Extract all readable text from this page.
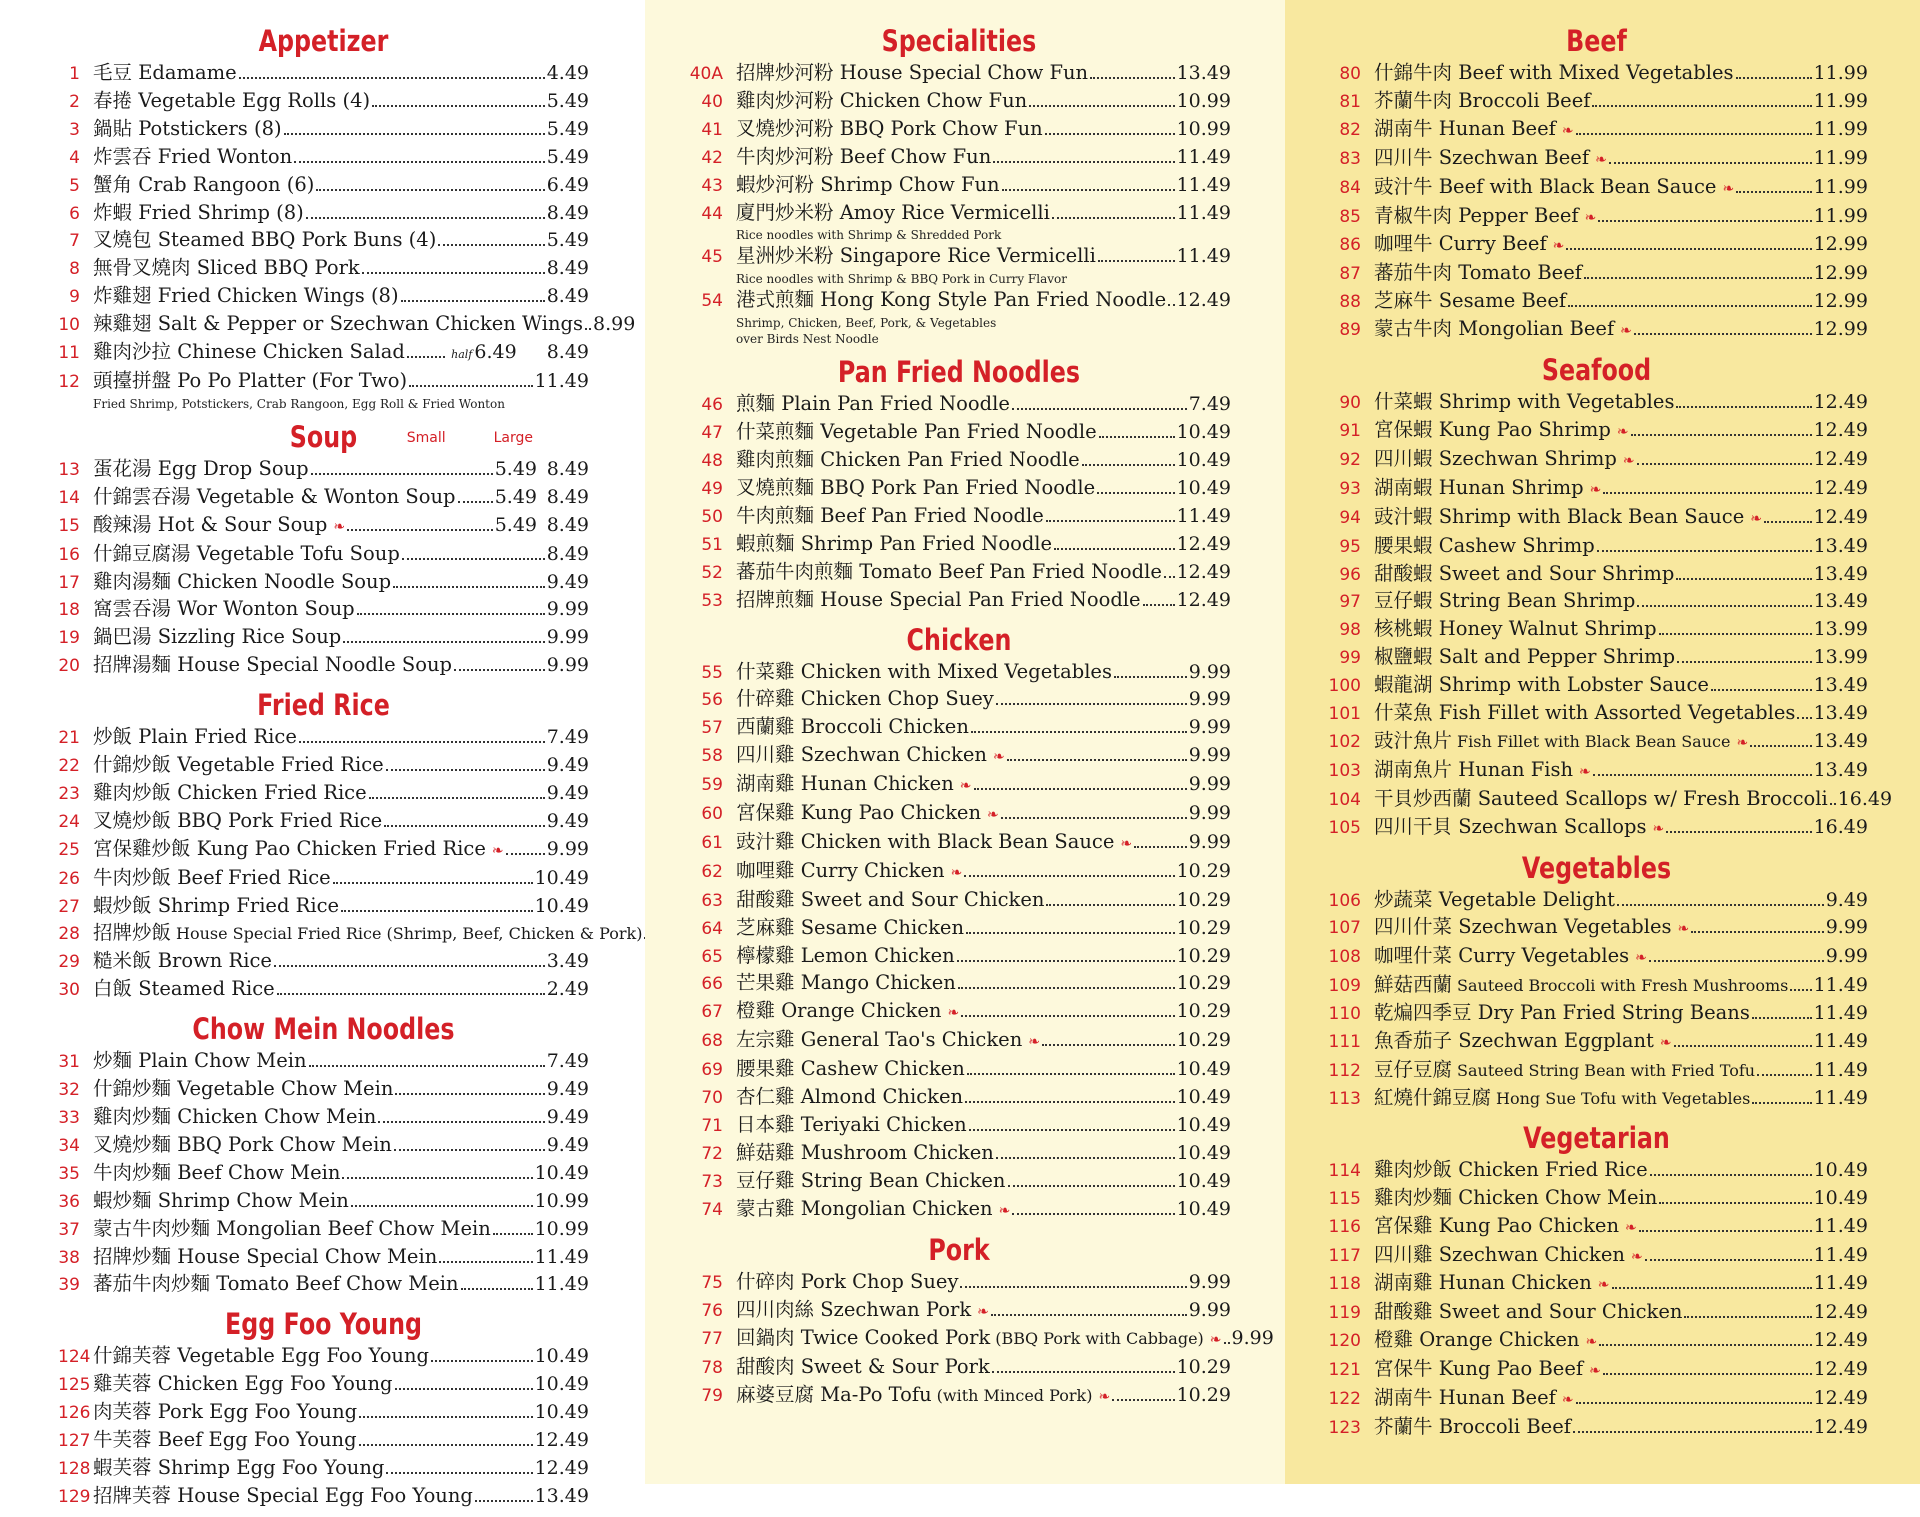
Appetizer
1 毛豆 Edamame	4.49
2 春捲 Vegetable Egg Rolls (4)	5.49
3 鍋貼 Potstickers (8)	5.49
4 炸雲吞 Fried Wonton	5.49
5 蟹角 Crab Rangoon (6)	6.49
6 炸蝦 Fried Shrimp (8)	8.49
7 叉燒包 Steamed BBQ Pork Buns (4)	5.49
8 無骨叉燒肉 Sliced BBQ Pork	8.49
9 炸雞翅 Fried Chicken Wings (8)	8.49
10 辣雞翅 Salt & Pepper or Szechwan Chicken Wings 8.99
11 雞肉沙拉 Chinese Chicken Salad	half 6.49 8.49
12 頭擡拼盤 Po Po Platter (For Two)	11.49
Fried Shrimp, Potstickers, Crab Rangoon, Egg Roll & Fried Wonton
Soup	Small	Large
13 蛋花湯 Egg Drop Soup	5.49 8.49
14 什錦雲吞湯 Vegetable & Wonton Soup 5.49 8.49
15 酸辣湯 Hot & Sour Soup ❧	5.49 8.49
16 什錦豆腐湯 Vegetable Tofu Soup	8.49
17 雞肉湯麵 Chicken Noodle Soup	9.49
18 窩雲吞湯 Wor Wonton Soup	9.99
19 鍋巴湯 Sizzling Rice Soup	9.99
20 招牌湯麵 House Special Noodle Soup	9.99
Fried Rice
21 炒飯 Plain Fried Rice	7.49
22 什錦炒飯 Vegetable Fried Rice	9.49
23 雞肉炒飯 Chicken Fried Rice	9.49
24 叉燒炒飯 BBQ Pork Fried Rice	9.49
25 宮保雞炒飯 Kung Pao Chicken Fried Rice ❧ 9.99
26 牛肉炒飯 Beef Fried Rice	10.49
27 蝦炒飯 Shrimp Fried Rice	10.49
28 招牌炒飯 House Special Fried Rice (Shrimp, Beef, Chicken & Pork)
29 糙米飯 Brown Rice	3.49
30 白飯 Steamed Rice	2.49
Chow Mein Noodles
31 炒麵 Plain Chow Mein	7.49
32 什錦炒麵 Vegetable Chow Mein	9.49
33 雞肉炒麵 Chicken Chow Mein	9.49
34 叉燒炒麵 BBQ Pork Chow Mein	9.49
35 牛肉炒麵 Beef Chow Mein	10.49
36 蝦炒麵 Shrimp Chow Mein	10.99
37 蒙古牛肉炒麵 Mongolian Beef Chow Mein 10.99
38 招牌炒麵 House Special Chow Mein	11.49
39 蕃茄牛肉炒麵 Tomato Beef Chow Mein	11.49
Egg Foo Young
124 什錦芙蓉 Vegetable Egg Foo Young	10.49
125 雞芙蓉 Chicken Egg Foo Young	10.49
126 肉芙蓉 Pork Egg Foo Young	10.49
127 牛芙蓉 Beef Egg Foo Young	12.49
128 蝦芙蓉 Shrimp Egg Foo Young	12.49
129 招牌芙蓉 House Special Egg Foo Young	13.49
Specialities
40A 招牌炒河粉 House Special Chow Fun	13.49
40 雞肉炒河粉 Chicken Chow Fun	10.99
41 叉燒炒河粉 BBQ Pork Chow Fun	10.99
42 牛肉炒河粉 Beef Chow Fun	11.49
43 蝦炒河粉 Shrimp Chow Fun	11.49
44 廈門炒米粉 Amoy Rice Vermicelli	11.49
Rice noodles with Shrimp & Shredded Pork
45 星洲炒米粉 Singapore Rice Vermicelli	11.49
Rice noodles with Shrimp & BBQ Pork in Curry Flavor
54 港式煎麵 Hong Kong Style Pan Fried Noodle 12.49
Shrimp, Chicken, Beef, Pork, & Vegetables
over Birds Nest Noodle
Pan Fried Noodles
46 煎麵 Plain Pan Fried Noodle	7.49
47 什菜煎麵 Vegetable Pan Fried Noodle	10.49
48 雞肉煎麵 Chicken Pan Fried Noodle	10.49
49 叉燒煎麵 BBQ Pork Pan Fried Noodle	10.49
50 牛肉煎麵 Beef Pan Fried Noodle	11.49
51 蝦煎麵 Shrimp Pan Fried Noodle	12.49
52 蕃茄牛肉煎麵 Tomato Beef Pan Fried Noodle 12.49
53 招牌煎麵 House Special Pan Fried Noodle 12.49
Chicken
55 什菜雞 Chicken with Mixed Vegetables	9.99
56 什碎雞 Chicken Chop Suey	9.99
57 西蘭雞 Broccoli Chicken	9.99
58 四川雞 Szechwan Chicken ❧	9.99
59 湖南雞 Hunan Chicken ❧	9.99
60 宮保雞 Kung Pao Chicken ❧	9.99
61 豉汁雞 Chicken with Black Bean Sauce ❧	9.99
62 咖哩雞 Curry Chicken ❧	10.29
63 甜酸雞 Sweet and Sour Chicken	10.29
64 芝麻雞 Sesame Chicken	10.29
65 檸檬雞 Lemon Chicken	10.29
66 芒果雞 Mango Chicken	10.29
67 橙雞 Orange Chicken ❧	10.29
68 左宗雞 General Tao's Chicken ❧	10.29
69 腰果雞 Cashew Chicken	10.49
70 杏仁雞 Almond Chicken	10.49
71 日本雞 Teriyaki Chicken	10.49
72 鮮菇雞 Mushroom Chicken	10.49
73 豆仔雞 String Bean Chicken	10.49
74 蒙古雞 Mongolian Chicken ❧	10.49
Pork
75 什碎肉 Pork Chop Suey	9.99
76 四川肉絲 Szechwan Pork ❧	9.99
77 回鍋肉 Twice Cooked Pork (BBQ Pork with Cabbage) ❧ 9.99
78 甜酸肉 Sweet & Sour Pork	10.29
79 麻婆豆腐 Ma-Po Tofu (with Minced Pork) ❧	10.29
Beef
80 什錦牛肉 Beef with Mixed Vegetables	11.99
81 芥蘭牛肉 Broccoli Beef	11.99
82 湖南牛 Hunan Beef ❧	11.99
83 四川牛 Szechwan Beef ❧	11.99
84 豉汁牛 Beef with Black Bean Sauce ❧	11.99
85 青椒牛肉 Pepper Beef ❧	11.99
86 咖哩牛 Curry Beef ❧	12.99
87 蕃茄牛肉 Tomato Beef	12.99
88 芝麻牛 Sesame Beef	12.99
89 蒙古牛肉 Mongolian Beef ❧	12.99
Seafood
90 什菜蝦 Shrimp with Vegetables	12.49
91 宮保蝦 Kung Pao Shrimp ❧	12.49
92 四川蝦 Szechwan Shrimp ❧	12.49
93 湖南蝦 Hunan Shrimp ❧	12.49
94 豉汁蝦 Shrimp with Black Bean Sauce ❧	12.49
95 腰果蝦 Cashew Shrimp	13.49
96 甜酸蝦 Sweet and Sour Shrimp	13.49
97 豆仔蝦 String Bean Shrimp	13.49
98 核桃蝦 Honey Walnut Shrimp	13.99
99 椒鹽蝦 Salt and Pepper Shrimp	13.99
100 蝦龍湖 Shrimp with Lobster Sauce	13.49
101 什菜魚 Fish Fillet with Assorted Vegetables 13.49
102 豉汁魚片 Fish Fillet with Black Bean Sauce ❧	13.49
103 湖南魚片 Hunan Fish ❧	13.49
104 干貝炒西蘭 Sauteed Scallops w/ Fresh Broccoli 16.49
105 四川干貝 Szechwan Scallops ❧	16.49
Vegetables
106 炒蔬菜 Vegetable Delight	9.49
107 四川什菜 Szechwan Vegetables ❧	9.99
108 咖哩什菜 Curry Vegetables ❧	9.99
109 鮮菇西蘭 Sauteed Broccoli with Fresh Mushrooms 11.49
110 乾煸四季豆 Dry Pan Fried String Beans	11.49
111 魚香茄子 Szechwan Eggplant ❧	11.49
112 豆仔豆腐 Sauteed String Bean with Fried Tofu	11.49
113 紅燒什錦豆腐 Hong Sue Tofu with Vegetables	11.49
Vegetarian
114 雞肉炒飯 Chicken Fried Rice	10.49
115 雞肉炒麵 Chicken Chow Mein	10.49
116 宮保雞 Kung Pao Chicken ❧	11.49
117 四川雞 Szechwan Chicken ❧	11.49
118 湖南雞 Hunan Chicken ❧	11.49
119 甜酸雞 Sweet and Sour Chicken	12.49
120 橙雞 Orange Chicken ❧	12.49
121 宮保牛 Kung Pao Beef ❧	12.49
122 湖南牛 Hunan Beef ❧	12.49
123 芥蘭牛 Broccoli Beef	12.49
